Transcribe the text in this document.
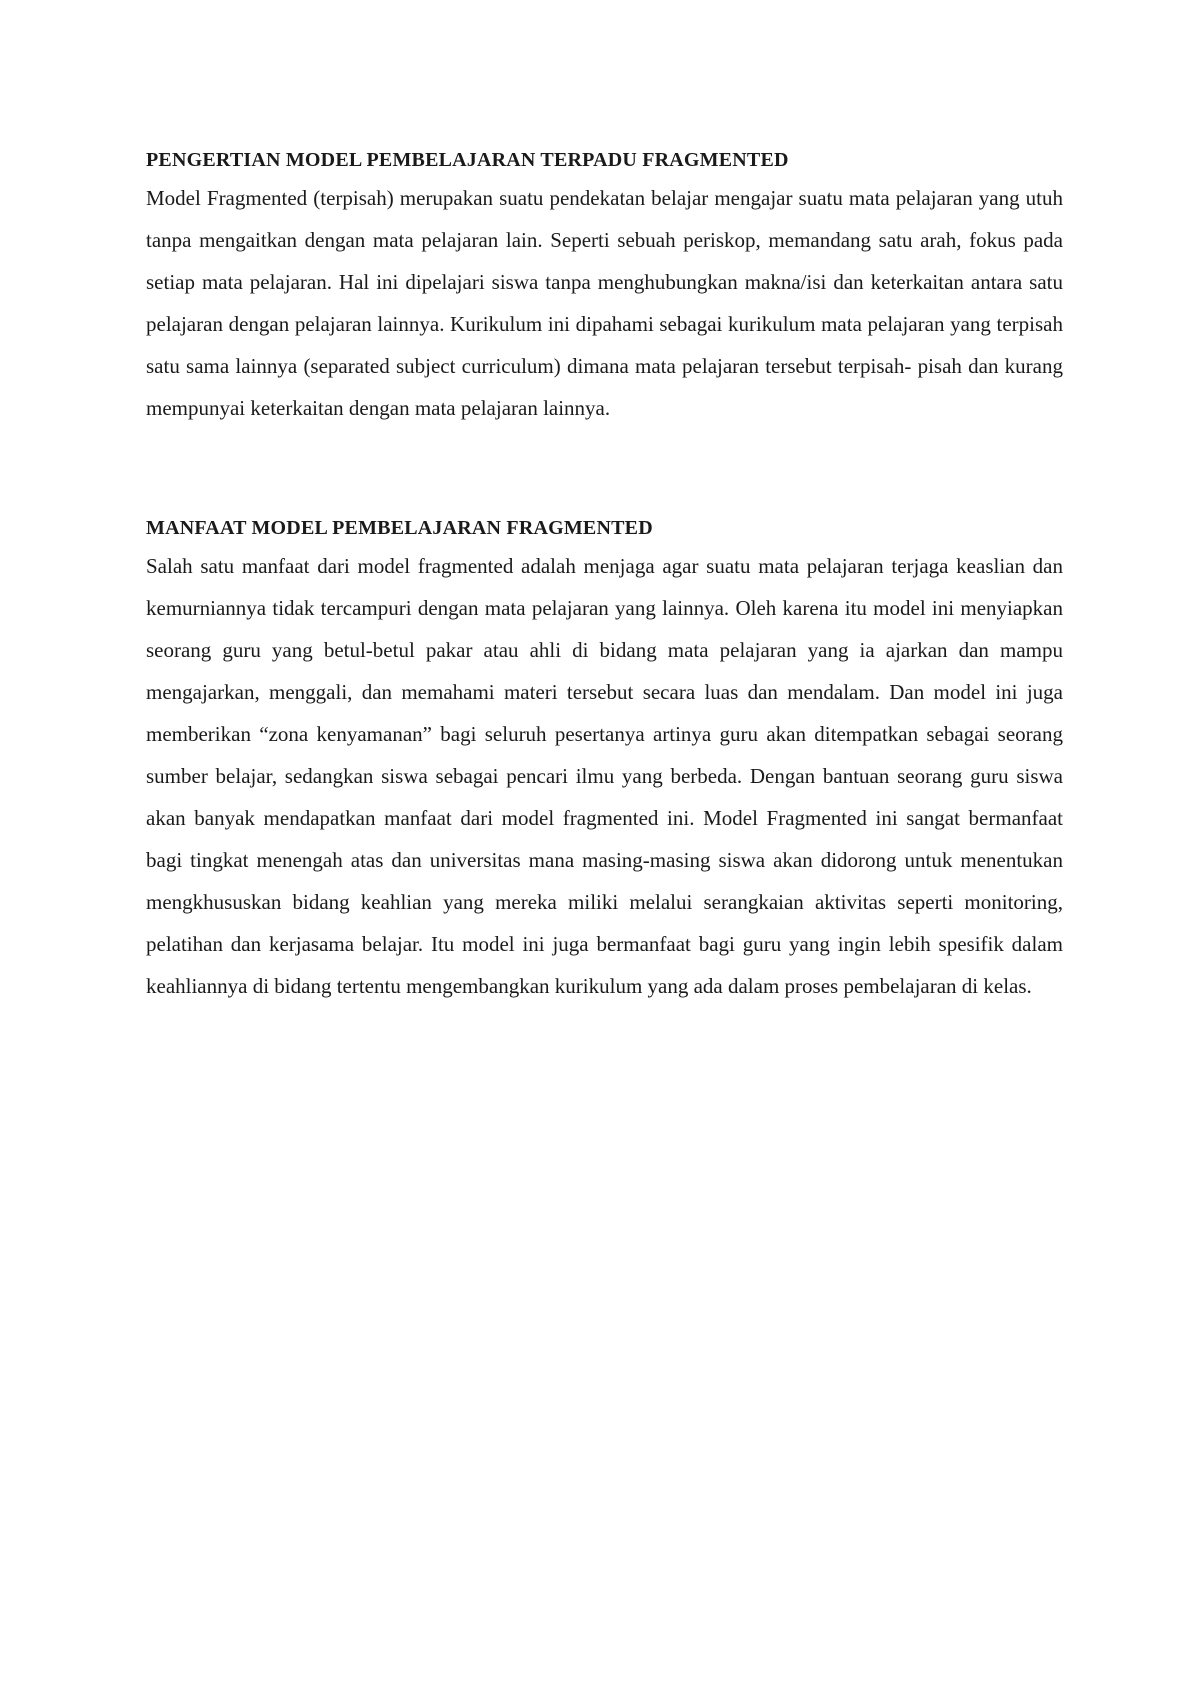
PENGERTIAN MODEL PEMBELAJARAN TERPADU FRAGMENTED

Model Fragmented (terpisah) merupakan suatu pendekatan belajar mengajar suatu mata pelajaran yang utuh tanpa mengaitkan dengan mata pelajaran lain. Seperti sebuah periskop, memandang satu arah, fokus pada setiap mata pelajaran. Hal ini dipelajari siswa tanpa menghubungkan makna/isi dan keterkaitan antara satu pelajaran dengan pelajaran lainnya. Kurikulum ini dipahami sebagai kurikulum mata pelajaran yang terpisah satu sama lainnya (separated subject curriculum) dimana mata pelajaran tersebut terpisah- pisah dan kurang mempunyai keterkaitan dengan mata pelajaran lainnya.

MANFAAT MODEL PEMBELAJARAN FRAGMENTED

Salah satu manfaat dari model fragmented adalah menjaga agar suatu mata pelajaran terjaga keaslian dan kemurniannya tidak tercampuri dengan mata pelajaran yang lainnya. Oleh karena itu model ini menyiapkan seorang guru yang betul-betul pakar atau ahli di bidang mata pelajaran yang ia ajarkan dan mampu mengajarkan, menggali, dan memahami materi tersebut secara luas dan mendalam. Dan model ini juga memberikan “zona kenyamanan” bagi seluruh pesertanya artinya guru akan ditempatkan sebagai seorang sumber belajar, sedangkan siswa sebagai pencari ilmu yang berbeda. Dengan bantuan seorang guru siswa akan banyak mendapatkan manfaat dari model fragmented ini. Model Fragmented ini sangat bermanfaat bagi tingkat menengah atas dan universitas mana masing-masing siswa akan didorong untuk menentukan mengkhususkan bidang keahlian yang mereka miliki melalui serangkaian aktivitas seperti monitoring, pelatihan dan kerjasama belajar. Itu model ini juga bermanfaat bagi guru yang ingin lebih spesifik dalam keahliannya di bidang tertentu mengembangkan kurikulum yang ada dalam proses pembelajaran di kelas.
